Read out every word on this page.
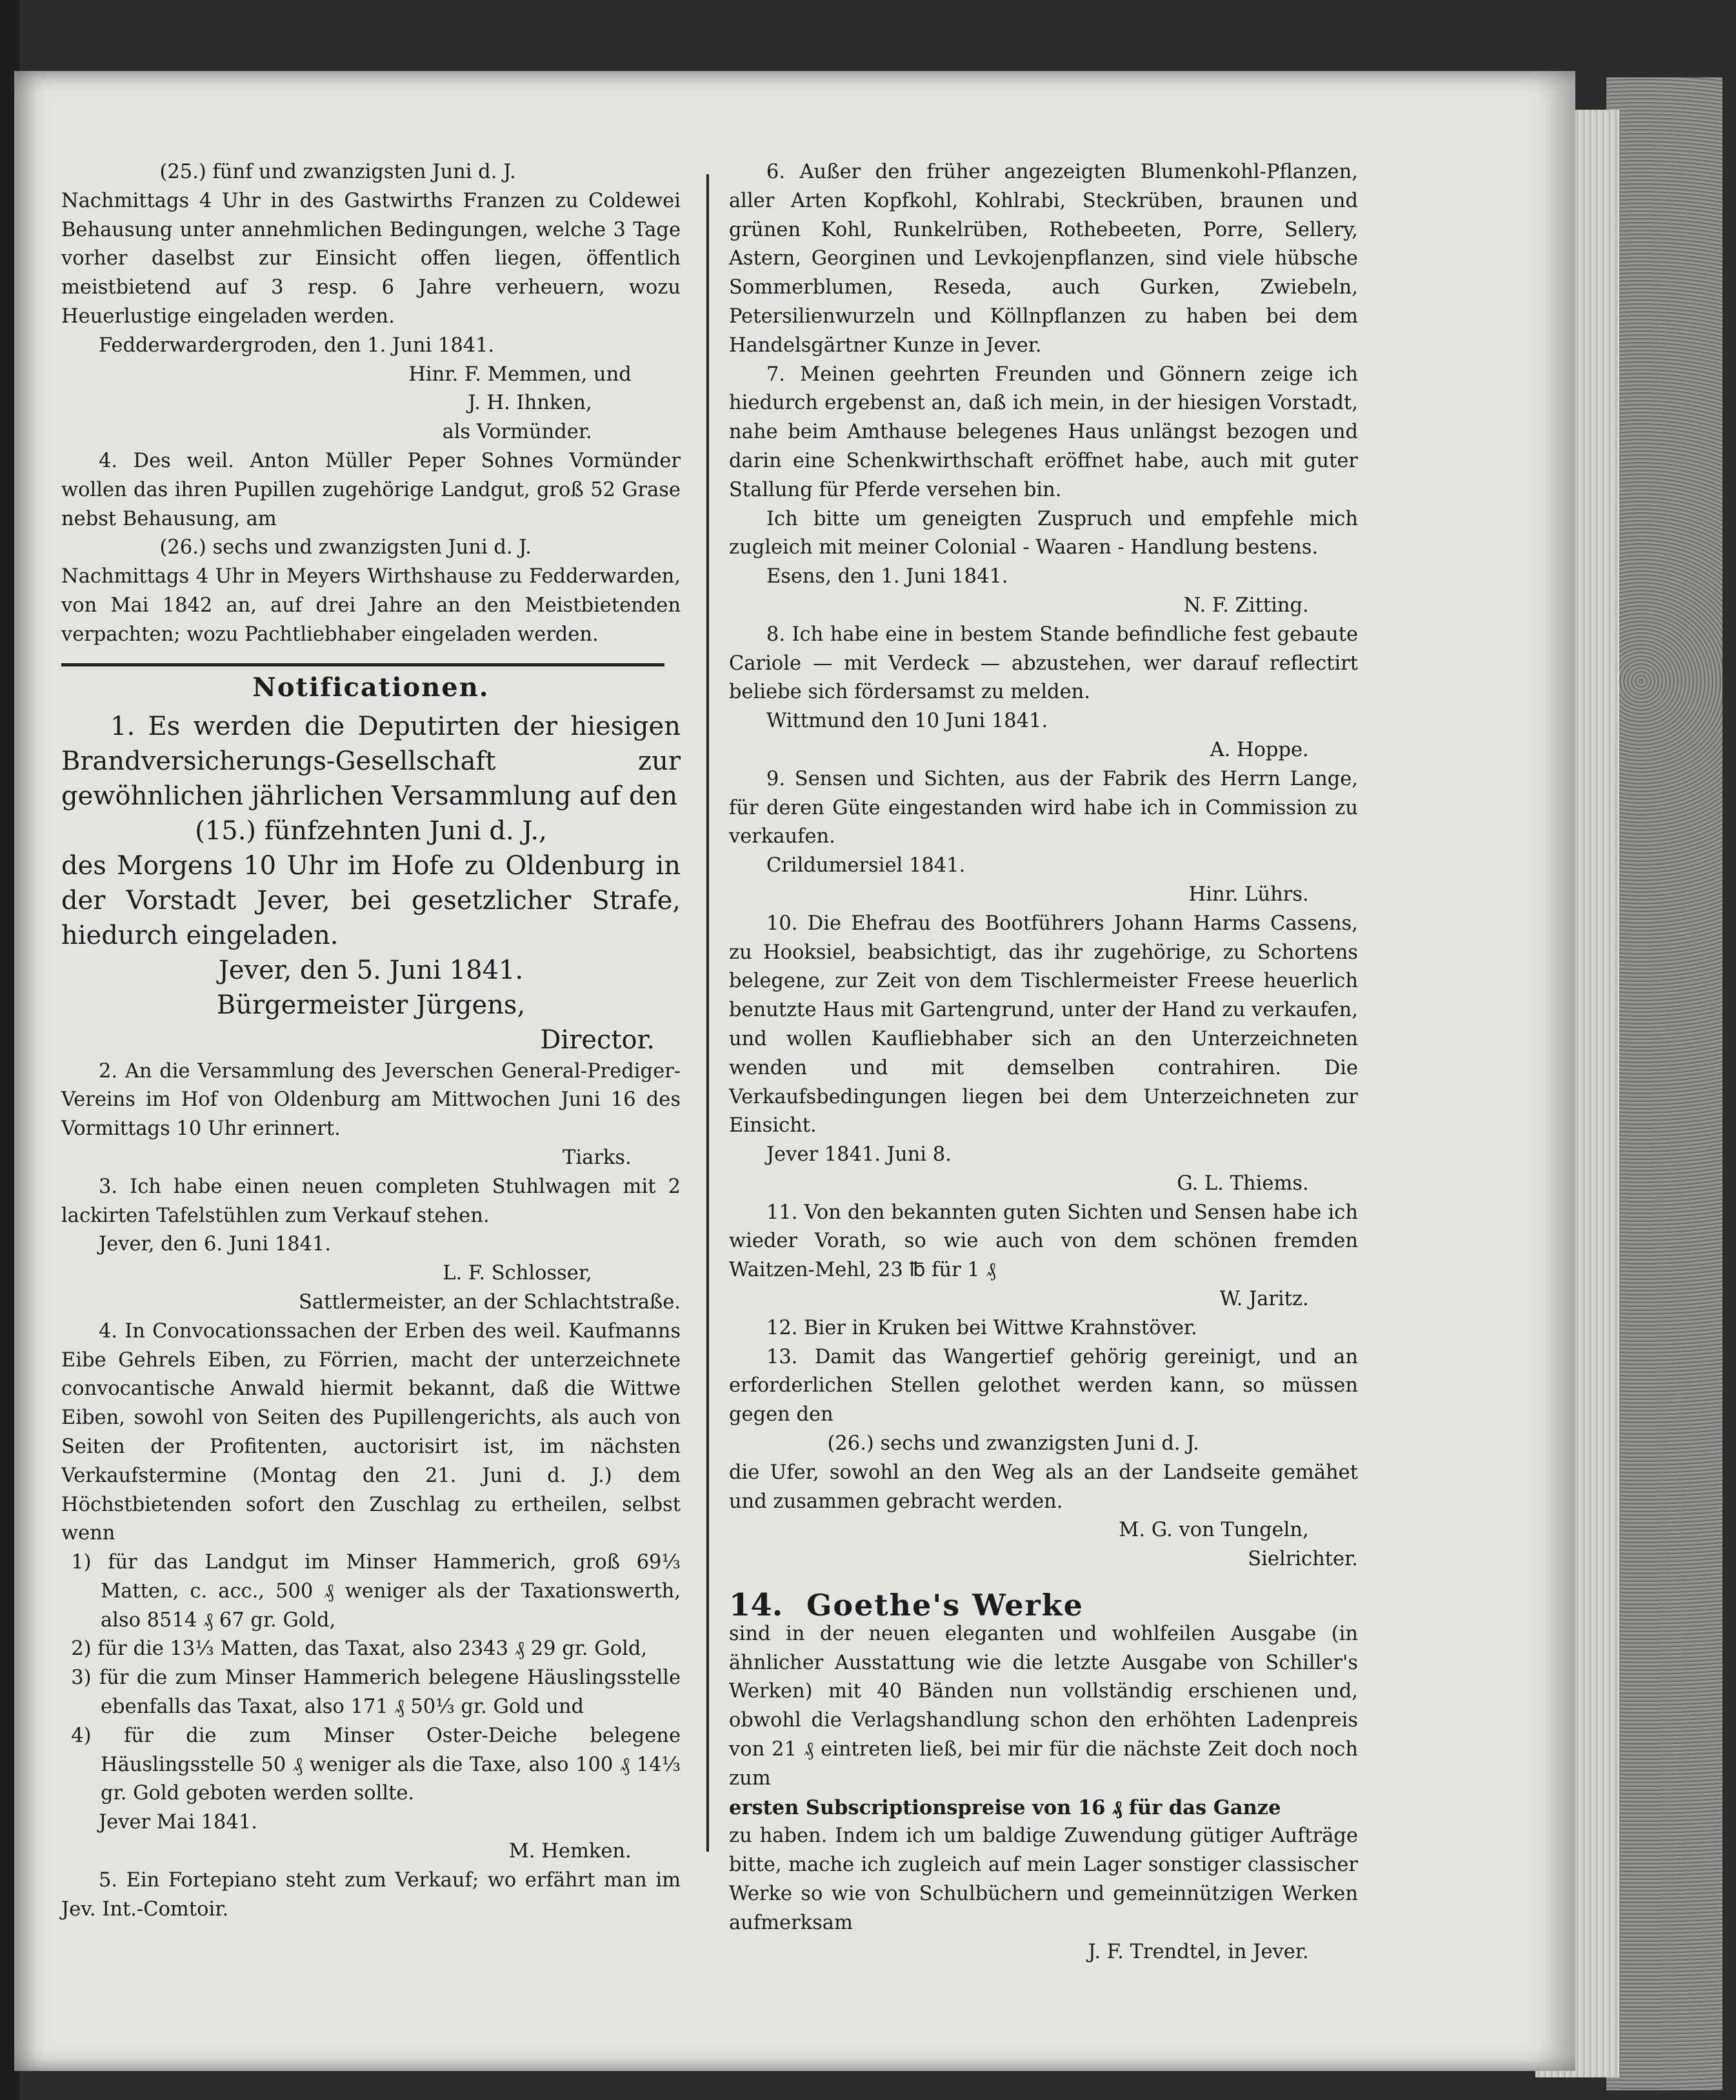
(25.) fünf und zwanzigsten Juni d. J.

Nachmittags 4 Uhr in des Gastwirths Franzen zu Coldewei Behausung unter annehmlichen Bedingungen, welche 3 Tage vorher daselbst zur Einsicht offen liegen, öffentlich meistbietend auf 3 resp. 6 Jahre verheuern, wozu Heuerlustige eingeladen werden.

Fedderwardergroden, den 1. Juni 1841.

Hinr. F. Memmen, und

J. H. Ihnken,

als Vormünder.

4. Des weil. Anton Müller Peper Sohnes Vormünder wollen das ihren Pupillen zugehörige Landgut, groß 52 Grase nebst Behausung, am

(26.) sechs und zwanzigsten Juni d. J.

Nachmittags 4 Uhr in Meyers Wirthshause zu Fedderwarden, von Mai 1842 an, auf drei Jahre an den Meistbietenden verpachten; wozu Pachtliebhaber eingeladen werden.

Notificationen.

1. Es werden die Deputirten der hiesigen Brandversicherungs-Gesellschaft zur gewöhnlichen jährlichen Versammlung auf den

(15.) fünfzehnten Juni d. J.,

des Morgens 10 Uhr im Hofe zu Oldenburg in der Vorstadt Jever, bei gesetzlicher Strafe, hiedurch eingeladen.

Jever, den 5. Juni 1841.

Bürgermeister Jürgens,

Director.

2. An die Versammlung des Jeverschen General-Prediger-Vereins im Hof von Oldenburg am Mittwochen Juni 16 des Vormittags 10 Uhr erinnert.

Tiarks.

3. Ich habe einen neuen completen Stuhlwagen mit 2 lackirten Tafelstühlen zum Verkauf stehen.

Jever, den 6. Juni 1841.

L. F. Schlosser,

Sattlermeister, an der Schlachtstraße.

4. In Convocationssachen der Erben des weil. Kaufmanns Eibe Gehrels Eiben, zu Förrien, macht der unterzeichnete convocantische Anwald hiermit bekannt, daß die Wittwe Eiben, sowohl von Seiten des Pupillengerichts, als auch von Seiten der Profitenten, auctorisirt ist, im nächsten Verkaufstermine (Montag den 21. Juni d. J.) dem Höchstbietenden sofort den Zuschlag zu ertheilen, selbst wenn

1) für das Landgut im Minser Hammerich, groß 69⅓ Matten, c. acc., 500 ₰ weniger als der Taxationswerth, also 8514 ₰ 67 gr. Gold,

2) für die 13⅓ Matten, das Taxat, also 2343 ₰ 29 gr. Gold,

3) für die zum Minser Hammerich belegene Häuslingsstelle ebenfalls das Taxat, also 171 ₰ 50⅓ gr. Gold und

4) für die zum Minser Oster-Deiche belegene Häuslingsstelle 50 ₰ weniger als die Taxe, also 100 ₰ 14⅓ gr. Gold geboten werden sollte.

Jever Mai 1841.

M. Hemken.

5. Ein Fortepiano steht zum Verkauf; wo erfährt man im Jev. Int.-Comtoir.

6. Außer den früher angezeigten Blumenkohl-Pflanzen, aller Arten Kopfkohl, Kohlrabi, Steckrüben, braunen und grünen Kohl, Runkelrüben, Rothebeeten, Porre, Sellery, Astern, Georginen und Levkojenpflanzen, sind viele hübsche Sommerblumen, Reseda, auch Gurken, Zwiebeln, Petersilienwurzeln und Köllnpflanzen zu haben bei dem Handelsgärtner Kunze in Jever.

7. Meinen geehrten Freunden und Gönnern zeige ich hiedurch ergebenst an, daß ich mein, in der hiesigen Vorstadt, nahe beim Amthause belegenes Haus unlängst bezogen und darin eine Schenkwirthschaft eröffnet habe, auch mit guter Stallung für Pferde versehen bin.

Ich bitte um geneigten Zuspruch und empfehle mich zugleich mit meiner Colonial - Waaren - Handlung bestens.

Esens, den 1. Juni 1841.

N. F. Zitting.

8. Ich habe eine in bestem Stande befindliche fest gebaute Cariole — mit Verdeck — abzustehen, wer darauf reflectirt beliebe sich fördersamst zu melden.

Wittmund den 10 Juni 1841.

A. Hoppe.

9. Sensen und Sichten, aus der Fabrik des Herrn Lange, für deren Güte eingestanden wird habe ich in Commission zu verkaufen.

Crildumersiel 1841.

Hinr. Lührs.

10. Die Ehefrau des Bootführers Johann Harms Cassens, zu Hooksiel, beabsichtigt, das ihr zugehörige, zu Schortens belegene, zur Zeit von dem Tischlermeister Freese heuerlich benutzte Haus mit Gartengrund, unter der Hand zu verkaufen, und wollen Kaufliebhaber sich an den Unterzeichneten wenden und mit demselben contrahiren. Die Verkaufsbedingungen liegen bei dem Unterzeichneten zur Einsicht.

Jever 1841. Juni 8.

G. L. Thiems.

11. Von den bekannten guten Sichten und Sensen habe ich wieder Vorath, so wie auch von dem schönen fremden Waitzen-Mehl, 23 ℔ für 1 ₰

W. Jaritz.

12. Bier in Kruken bei Wittwe Krahnstöver.

13. Damit das Wangertief gehörig gereinigt, und an erforderlichen Stellen gelothet werden kann, so müssen gegen den

(26.) sechs und zwanzigsten Juni d. J.

die Ufer, sowohl an den Weg als an der Landseite gemähet und zusammen gebracht werden.

M. G. von Tungeln,

Sielrichter.

14. Goethe's Werke

sind in der neuen eleganten und wohlfeilen Ausgabe (in ähnlicher Ausstattung wie die letzte Ausgabe von Schiller's Werken) mit 40 Bänden nun vollständig erschienen und, obwohl die Verlagshandlung schon den erhöhten Ladenpreis von 21 ₰ eintreten ließ, bei mir für die nächste Zeit doch noch zum

ersten Subscriptionspreise von 16 ₰ für das Ganze

zu haben. Indem ich um baldige Zuwendung gütiger Aufträge bitte, mache ich zugleich auf mein Lager sonstiger classischer Werke so wie von Schulbüchern und gemeinnützigen Werken aufmerksam

J. F. Trendtel, in Jever.
